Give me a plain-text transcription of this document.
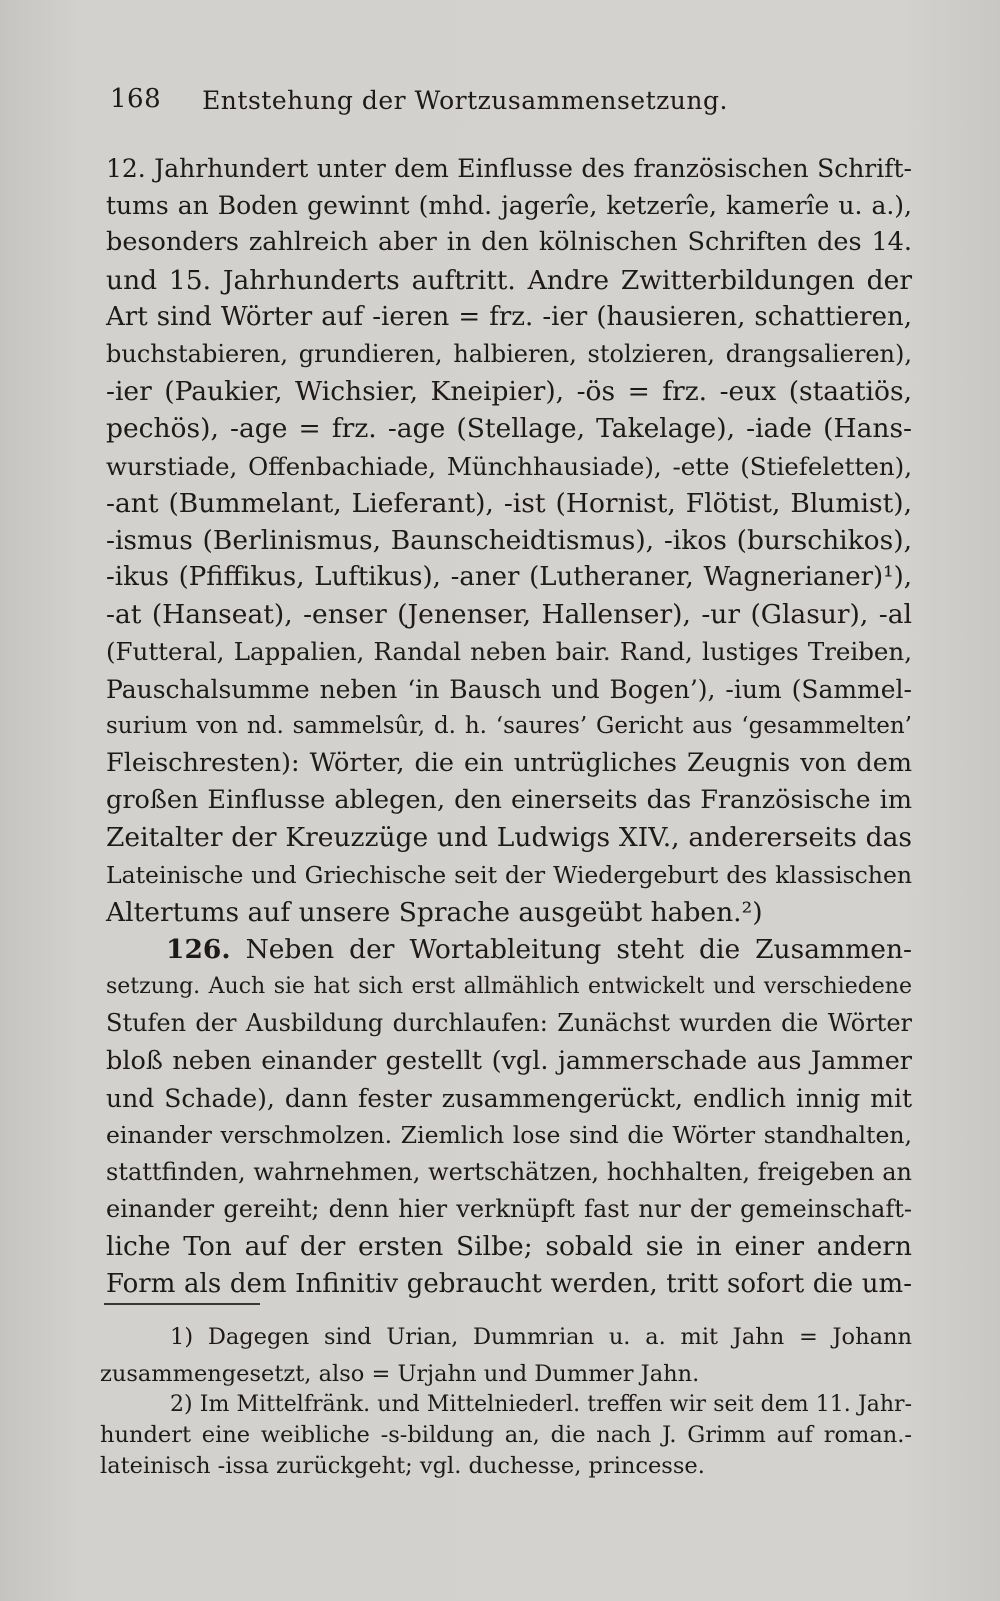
168	Entstehung der Wortzusammensetzung.
12. Jahrhundert unter dem Einflusse des französischen Schrift-
tums an Boden gewinnt (mhd. jagerîe, ketzerîe, kamerîe u. a.),
besonders zahlreich aber in den kölnischen Schriften des 14.
und 15. Jahrhunderts auftritt. Andre Zwitterbildungen der
Art sind Wörter auf -ieren = frz. -ier (hausieren, schattieren,
buchstabieren, grundieren, halbieren, stolzieren, drangsalieren),
-ier (Paukier, Wichsier, Kneipier), -ös = frz. -eux (staatiös,
pechös), -age = frz. -age (Stellage, Takelage), -iade (Hans-
wurstiade, Offenbachiade, Münchhausiade), -ette (Stiefeletten),
-ant (Bummelant, Lieferant), -ist (Hornist, Flötist, Blumist),
-ismus (Berlinismus, Baunscheidtismus), -ikos (burschikos),
-ikus (Pfiffikus, Luftikus), -aner (Lutheraner, Wagnerianer)¹),
-at (Hanseat), -enser (Jenenser, Hallenser), -ur (Glasur), -al
(Futteral, Lappalien, Randal neben bair. Rand, lustiges Treiben,
Pauschalsumme neben ‘in Bausch und Bogen’), -ium (Sammel-
surium von nd. sammelsûr, d. h. ‘saures’ Gericht aus ‘gesammelten’
Fleischresten): Wörter, die ein untrügliches Zeugnis von dem
großen Einflusse ablegen, den einerseits das Französische im
Zeitalter der Kreuzzüge und Ludwigs XIV., andererseits das
Lateinische und Griechische seit der Wiedergeburt des klassischen
Altertums auf unsere Sprache ausgeübt haben.²)
126. Neben der Wortableitung steht die Zusammen-
setzung. Auch sie hat sich erst allmählich entwickelt und verschiedene
Stufen der Ausbildung durchlaufen: Zunächst wurden die Wörter
bloß neben einander gestellt (vgl. jammerschade aus Jammer
und Schade), dann fester zusammengerückt, endlich innig mit
einander verschmolzen. Ziemlich lose sind die Wörter standhalten,
stattfinden, wahrnehmen, wertschätzen, hochhalten, freigeben an
einander gereiht; denn hier verknüpft fast nur der gemeinschaft-
liche Ton auf der ersten Silbe; sobald sie in einer andern
Form als dem Infinitiv gebraucht werden, tritt sofort die um-
1) Dagegen sind Urian, Dummrian u. a. mit Jahn = Johann
zusammengesetzt, also = Urjahn und Dummer Jahn.
2) Im Mittelfränk. und Mittelniederl. treffen wir seit dem 11. Jahr-
hundert eine weibliche -s-bildung an, die nach J. Grimm auf roman.-
lateinisch -issa zurückgeht; vgl. duchesse, princesse.
